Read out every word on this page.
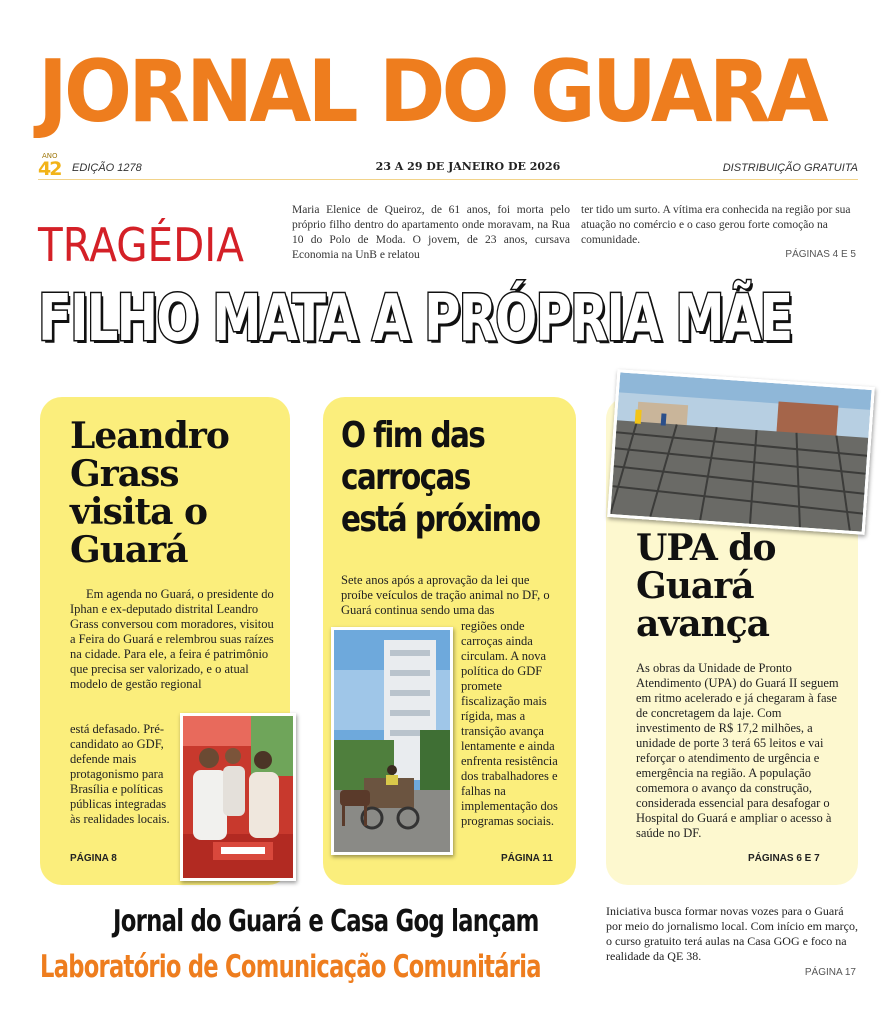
JORNAL DO GUARA
ANO
42 EDIÇÃO 1278	23 A 29 DE JANEIRO DE 2026	DISTRIBUIÇÃO GRATUITA
TRAGÉDIA

Maria Elenice de Queiroz, de 61 anos, foi morta pelo próprio filho dentro do apartamento onde moravam, na Rua 10 do Polo de Moda. O jovem, de 23 anos, cursava Economia na UnB e relatou

ter tido um surto. A vítima era conhecida na região por sua atuação no comércio e o caso gerou forte comoção na comunidade.

PÁGINAS 4 E 5
FILHO MATA A PRÓPRIA MÃE
Leandro
Grass
visita o
Guará

Em agenda no Guará, o presidente do Iphan e ex-deputado distrital Leandro Grass conversou com moradores, visitou a Feira do Guará e relembrou suas raízes na cidade. Para ele, a feira é patrimônio que precisa ser valorizado, e o atual modelo de gestão regional

está defasado. Pré-candidato ao GDF, defende mais protagonismo para Brasília e políticas públicas integradas às realidades locais.

PÁGINA 8
O fim das
carroças
está próximo

Sete anos após a aprovação da lei que proíbe veículos de tração animal no DF, o Guará continua sendo uma das

regiões onde carroças ainda circulam. A nova política do GDF promete fiscalização mais rígida, mas a transição avança lentamente e ainda enfrenta resistência dos trabalhadores e falhas na implementação dos programas sociais.

PÁGINA 11
UPA do
Guará
avança

As obras da Unidade de Pronto Atendimento (UPA) do Guará II seguem em ritmo acelerado e já chegaram à fase de concretagem da laje. Com investimento de R$ 17,2 milhões, a unidade de porte 3 terá 65 leitos e vai reforçar o atendimento de urgência e emergência na região. A população comemora o avanço da construção, considerada essencial para desafogar o Hospital do Guará e ampliar o acesso à saúde no DF.

PÁGINAS 6 E 7
Jornal do Guará e Casa Gog lançam
Laboratório de Comunicação Comunitária

Iniciativa busca formar novas vozes para o Guará por meio do jornalismo local. Com início em março, o curso gratuito terá aulas na Casa GOG e foco na realidade da QE 38.

PÁGINA 17
